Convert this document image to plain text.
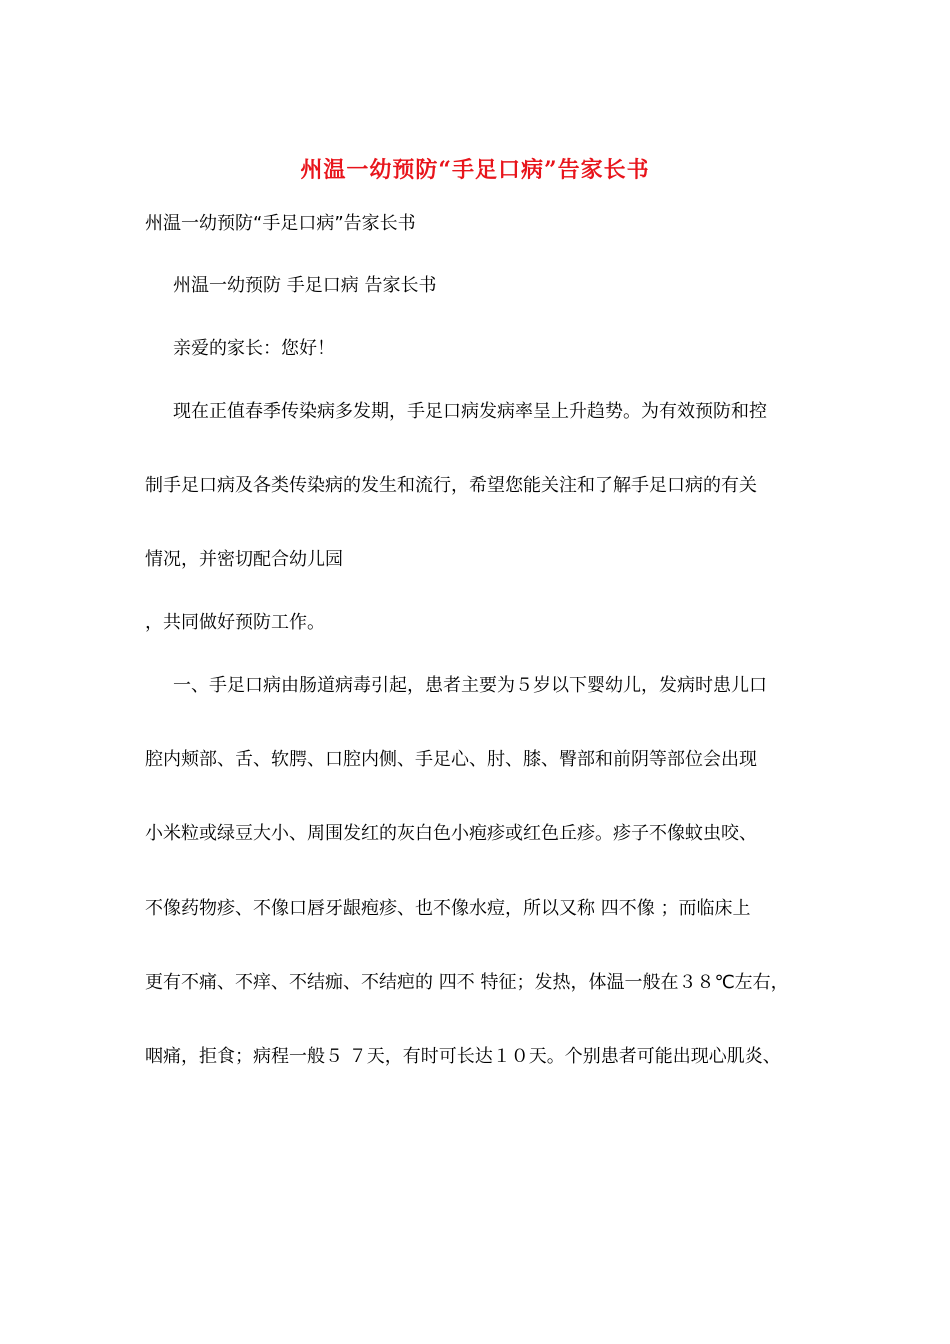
州温一幼预防“手足口病”告家长书
州温一幼预防“手足口病”告家长书
州温一幼预防 手足口病 告家长书
亲爱的家长：您好！
现在正值春季传染病多发期，手足口病发病率呈上升趋势。为有效预防和控
制手足口病及各类传染病的发生和流行，希望您能关注和了解手足口病的有关
情况，并密切配合幼儿园
，共同做好预防工作。
一、手足口病由肠道病毒引起，患者主要为５岁以下婴幼儿，发病时患儿口
腔内颊部、舌、软腭、口腔内侧、手足心、肘、膝、臀部和前阴等部位会出现
小米粒或绿豆大小、周围发红的灰白色小疱疹或红色丘疹。疹子不像蚊虫咬、
不像药物疹、不像口唇牙龈疱疹、也不像水痘，所以又称 四不像 ；而临床上
更有不痛、不痒、不结痂、不结疤的 四不 特征；发热，体温一般在３８℃左右，
咽痛，拒食；病程一般５ ７天，有时可长达１０天。个别患者可能出现心肌炎、
